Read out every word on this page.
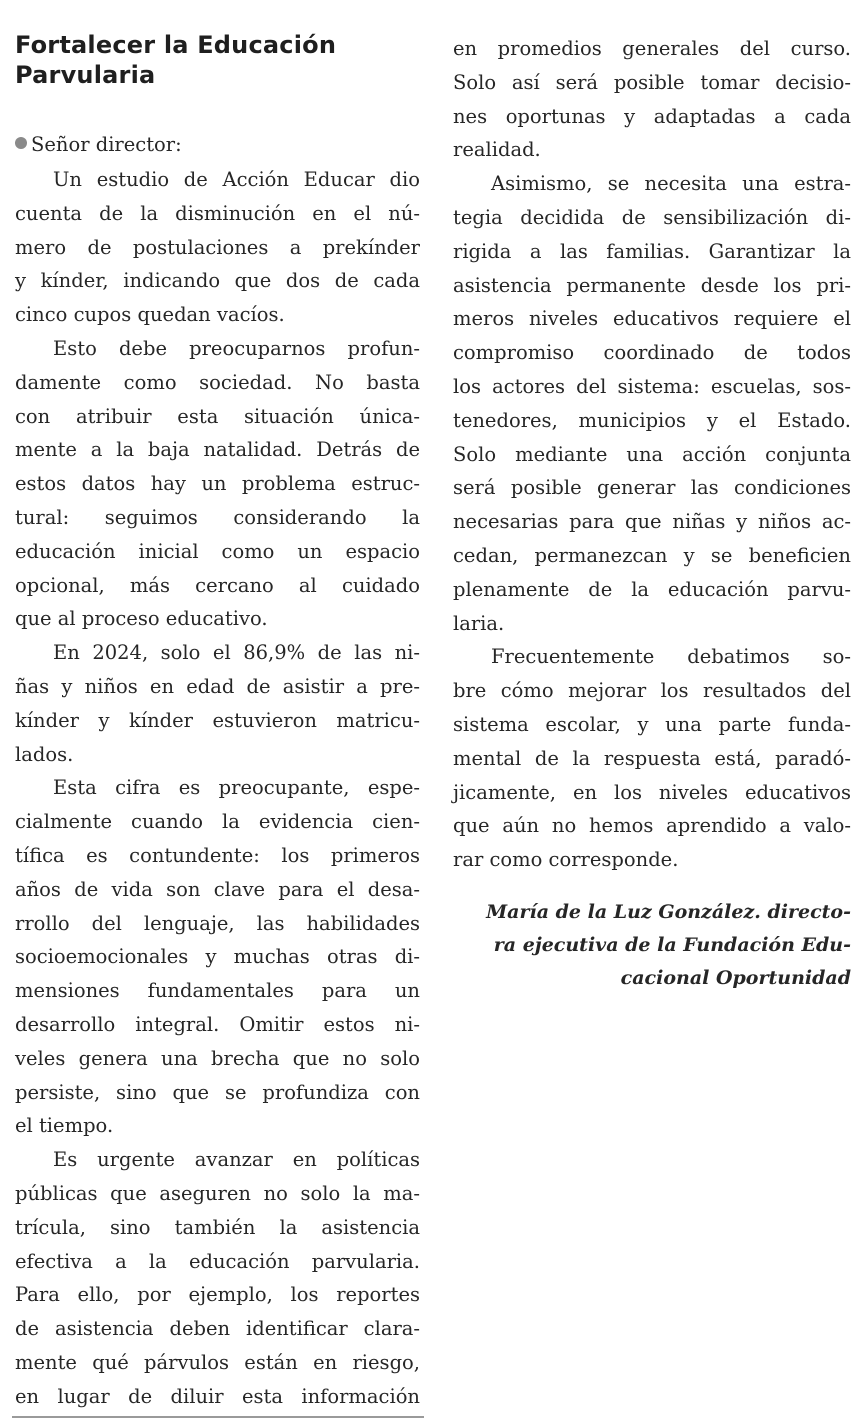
Fortalecer la Educación Parvularia
Señor director:
Un estudio de Acción Educar dio
cuenta de la disminución en el nú-
mero de postulaciones a prekínder
y kínder, indicando que dos de cada
cinco cupos quedan vacíos.
Esto debe preocuparnos profun-
damente como sociedad. No basta
con atribuir esta situación única-
mente a la baja natalidad. Detrás de
estos datos hay un problema estruc-
tural: seguimos considerando la
educación inicial como un espacio
opcional, más cercano al cuidado
que al proceso educativo.
En 2024, solo el 86,9% de las ni-
ñas y niños en edad de asistir a pre-
kínder y kínder estuvieron matricu-
lados.
Esta cifra es preocupante, espe-
cialmente cuando la evidencia cien-
tífica es contundente: los primeros
años de vida son clave para el desa-
rrollo del lenguaje, las habilidades
socioemocionales y muchas otras di-
mensiones fundamentales para un
desarrollo integral. Omitir estos ni-
veles genera una brecha que no solo
persiste, sino que se profundiza con
el tiempo.
Es urgente avanzar en políticas
públicas que aseguren no solo la ma-
trícula, sino también la asistencia
efectiva a la educación parvularia.
Para ello, por ejemplo, los reportes
de asistencia deben identificar clara-
mente qué párvulos están en riesgo,
en lugar de diluir esta información
en promedios generales del curso.
Solo así será posible tomar decisio-
nes oportunas y adaptadas a cada
realidad.
Asimismo, se necesita una estra-
tegia decidida de sensibilización di-
rigida a las familias. Garantizar la
asistencia permanente desde los pri-
meros niveles educativos requiere el
compromiso coordinado de todos
los actores del sistema: escuelas, sos-
tenedores, municipios y el Estado.
Solo mediante una acción conjunta
será posible generar las condiciones
necesarias para que niñas y niños ac-
cedan, permanezcan y se beneficien
plenamente de la educación parvu-
laria.
Frecuentemente debatimos so-
bre cómo mejorar los resultados del
sistema escolar, y una parte funda-
mental de la respuesta está, paradó-
jicamente, en los niveles educativos
que aún no hemos aprendido a valo-
rar como corresponde.
María de la Luz González. directo-
ra ejecutiva de la Fundación Edu-
cacional Oportunidad
